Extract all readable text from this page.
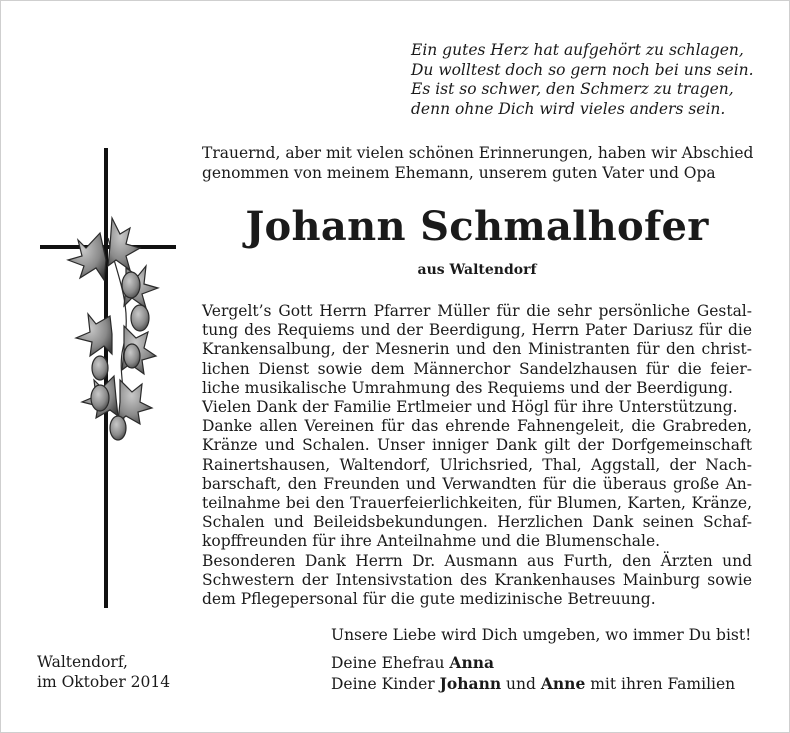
Ein gutes Herz hat aufgehört zu schlagen,
Du wolltest doch so gern noch bei uns sein.
Es ist so schwer, den Schmerz zu tragen,
denn ohne Dich wird vieles anders sein.
Trauernd, aber mit vielen schönen Erinnerungen, haben wir Abschied
genommen von meinem Ehemann, unserem guten Vater und Opa
Johann Schmalhofer
aus Waltendorf
Vergelt’s Gott Herrn Pfarrer Müller für die sehr persönliche Gestal-
tung des Requiems und der Beerdigung, Herrn Pater Dariusz für die
Krankensalbung, der Mesnerin und den Ministranten für den christ-
lichen Dienst sowie dem Männerchor Sandelzhausen für die feier-
liche musikalische Umrahmung des Requiems und der Beerdigung.
Vielen Dank der Familie Ertlmeier und Högl für ihre Unterstützung.
Danke allen Vereinen für das ehrende Fahnengeleit, die Grabreden,
Kränze und Schalen. Unser inniger Dank gilt der Dorfgemeinschaft
Rainertshausen, Waltendorf, Ulrichsried, Thal, Aggstall, der Nach-
barschaft, den Freunden und Verwandten für die überaus große An-
teilnahme bei den Trauerfeierlichkeiten, für Blumen, Karten, Kränze,
Schalen und Beileidsbekundungen. Herzlichen Dank seinen Schaf-
kopffreunden für ihre Anteilnahme und die Blumenschale.
Besonderen Dank Herrn Dr. Ausmann aus Furth, den Ärzten und
Schwestern der Intensivstation des Krankenhauses Mainburg sowie
dem Pflegepersonal für die gute medizinische Betreuung.
Unsere Liebe wird Dich umgeben, wo immer Du bist!
Deine Ehefrau Anna
Deine Kinder Johann und Anne mit ihren Familien
Waltendorf,
im Oktober 2014
